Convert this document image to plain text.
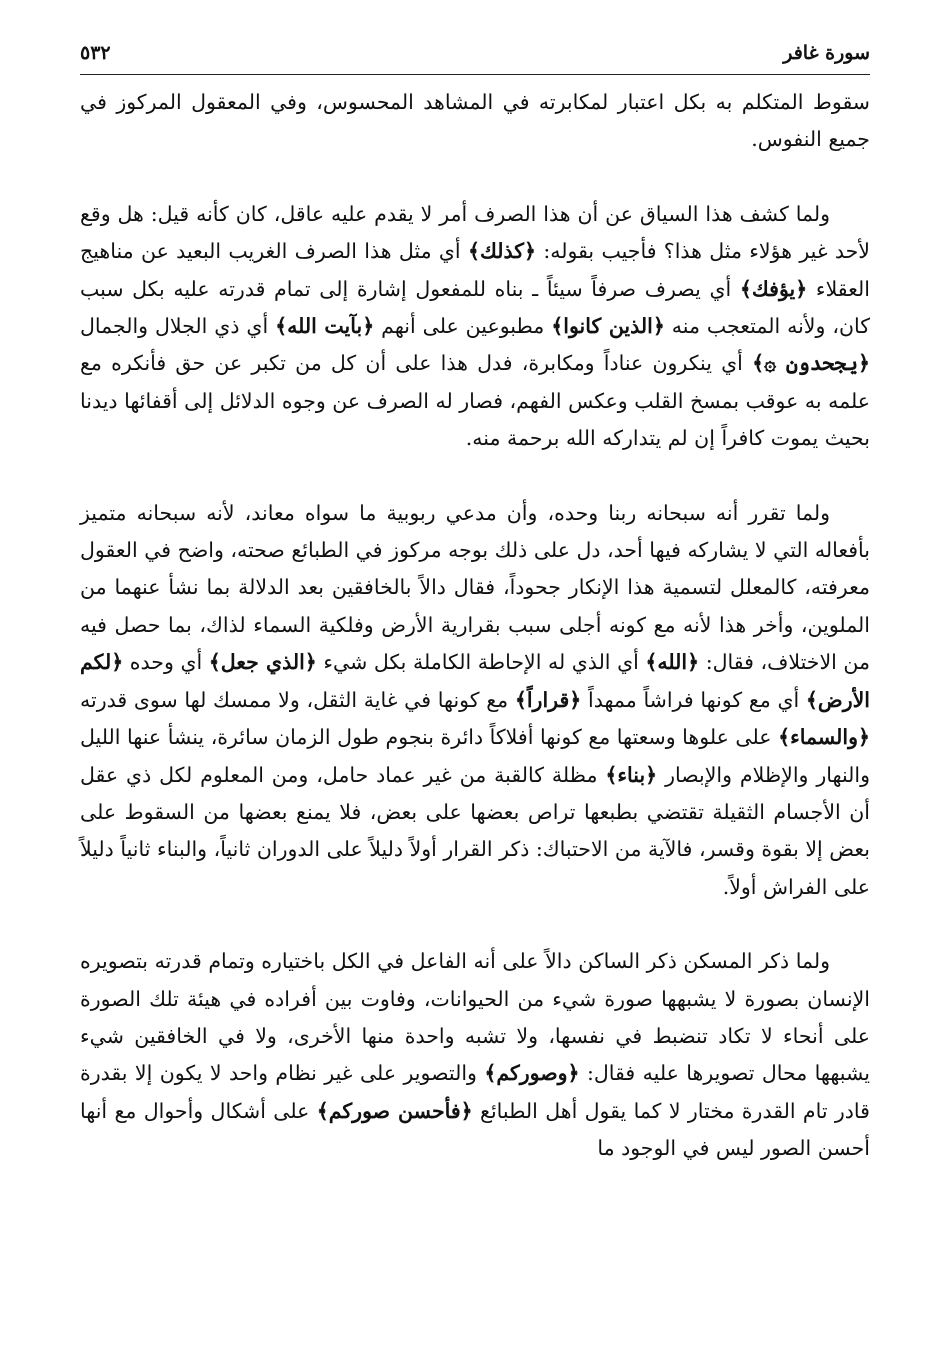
سورة غافر
٥٣٢

سقوط المتكلم به بكل اعتبار لمكابرته في المشاهد المحسوس، وفي المعقول المركوز في جميع النفوس.

ولما كشف هذا السياق عن أن هذا الصرف أمر لا يقدم عليه عاقل، كان كأنه قيل: هل وقع لأحد غير هؤلاء مثل هذا؟ فأجيب بقوله: ﴿كذلك﴾ أي مثل هذا الصرف الغريب البعيد عن مناهيج العقلاء ﴿يؤفك﴾ أي يصرف صرفاً سيئاً ـ بناه للمفعول إشارة إلى تمام قدرته عليه بكل سبب كان، ولأنه المتعجب منه ﴿الذين كانوا﴾ مطبوعين على أنهم ﴿بآيت الله﴾ أي ذي الجلال والجمال ﴿يجحدون ۞﴾ أي ينكرون عناداً ومكابرة، فدل هذا على أن كل من تكبر عن حق فأنكره مع علمه به عوقب بمسخ القلب وعكس الفهم، فصار له الصرف عن وجوه الدلائل إلى أقفائها ديدنا بحيث يموت كافراً إن لم يتداركه الله برحمة منه.

ولما تقرر أنه سبحانه ربنا وحده، وأن مدعي ربوبية ما سواه معاند، لأنه سبحانه متميز بأفعاله التي لا يشاركه فيها أحد، دل على ذلك بوجه مركوز في الطبائع صحته، واضح في العقول معرفته، كالمعلل لتسمية هذا الإنكار جحوداً، فقال دالاً بالخافقين بعد الدلالة بما نشأ عنهما من الملوين، وأخر هذا لأنه مع كونه أجلى سبب بقرارية الأرض وفلكية السماء لذاك، بما حصل فيه من الاختلاف، فقال: ﴿الله﴾ أي الذي له الإحاطة الكاملة بكل شيء ﴿الذي جعل﴾ أي وحده ﴿لكم الأرض﴾ أي مع كونها فراشاً ممهداً ﴿قراراً﴾ مع كونها في غاية الثقل، ولا ممسك لها سوى قدرته ﴿والسماء﴾ على علوها وسعتها مع كونها أفلاكاً دائرة بنجوم طول الزمان سائرة، ينشأ عنها الليل والنهار والإظلام والإبصار ﴿بناء﴾ مظلة كالقبة من غير عماد حامل، ومن المعلوم لكل ذي عقل أن الأجسام الثقيلة تقتضي بطبعها تراص بعضها على بعض، فلا يمنع بعضها من السقوط على بعض إلا بقوة وقسر، فالآية من الاحتباك: ذكر القرار أولاً دليلاً على الدوران ثانياً، والبناء ثانياً دليلاً على الفراش أولاً.

ولما ذكر المسكن ذكر الساكن دالاً على أنه الفاعل في الكل باختياره وتمام قدرته بتصويره الإنسان بصورة لا يشبهها صورة شيء من الحيوانات، وفاوت بين أفراده في هيئة تلك الصورة على أنحاء لا تكاد تنضبط في نفسها، ولا تشبه واحدة منها الأخرى، ولا في الخافقين شيء يشبهها محال تصويرها عليه فقال: ﴿وصوركم﴾ والتصوير على غير نظام واحد لا يكون إلا بقدرة قادر تام القدرة مختار لا كما يقول أهل الطبائع ﴿فأحسن صوركم﴾ على أشكال وأحوال مع أنها أحسن الصور ليس في الوجود ما
